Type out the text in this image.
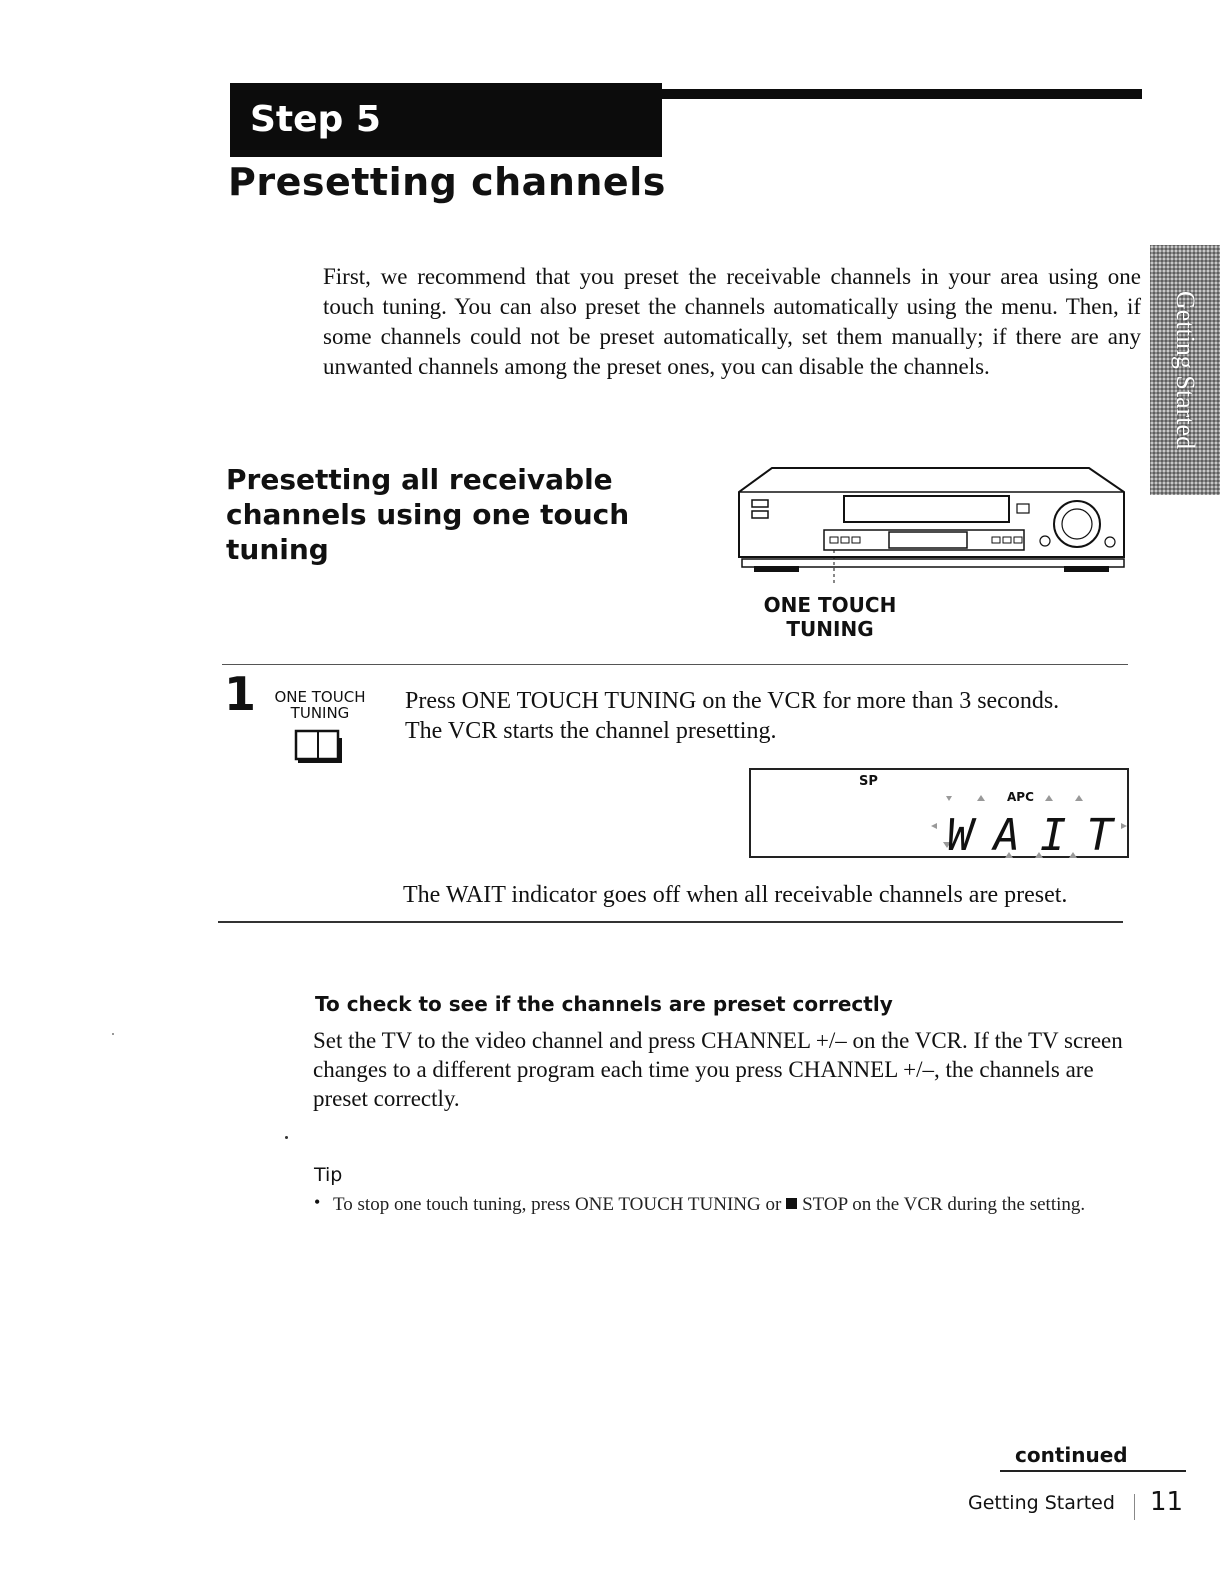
Step 5
Presetting channels
First, we recommend that you preset the receivable channels in your area using one touch tuning. You can also preset the channels automatically using the menu. Then, if some channels could not be preset automatically, set them manually; if there are any unwanted channels among the preset ones, you can disable the channels.	Getting Started
Presetting all receivable channels using one touch tuning
ONE TOUCH
TUNING
1	ONE TOUCH
TUNING	Press ONE TOUCH TUNING on the VCR for more than 3 seconds.
The VCR starts the channel presetting.
SP
APC
WAIT
The WAIT indicator goes off when all receivable channels are preset.
To check to see if the channels are preset correctly
Set the TV to the video channel and press CHANNEL +/– on the VCR. If the TV screen changes to a different program each time you press CHANNEL +/–, the channels are preset correctly.
Tip
• To stop one touch tuning, press ONE TOUCH TUNING or STOP on the VCR during the setting.
continued
Getting Started 11
